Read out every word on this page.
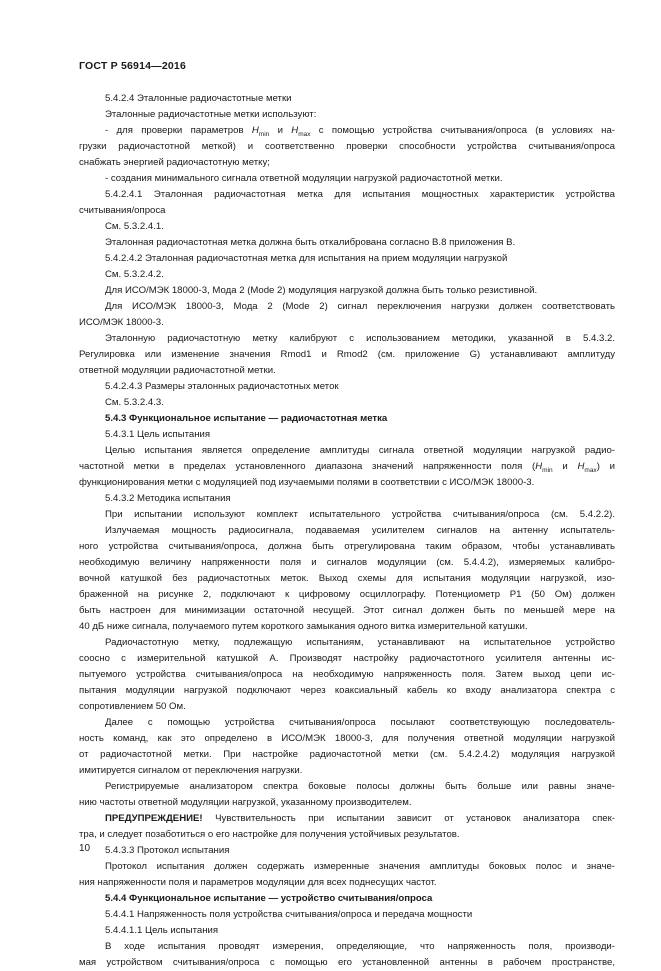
ГОСТ Р 56914—2016

5.4.2.4 Эталонные радиочастотные метки

Эталонные радиочастотные метки используют:

- для проверки параметров $H_{min}$ и $H_{max}$ с помощью устройства считывания/опроса (в условиях на-

грузки радиочастотной меткой) и соответственно проверки способности устройства считывания/опроса

снабжать энергией радиочастотную метку;

- создания минимального сигнала ответной модуляции нагрузкой радиочастотной метки.

5.4.2.4.1 Эталонная радиочастотная метка для испытания мощностных характеристик устройства

считывания/опроса

См. 5.3.2.4.1.

Эталонная радиочастотная метка должна быть откалибрована согласно В.8 приложения В.

5.4.2.4.2 Эталонная радиочастотная метка для испытания на прием модуляции нагрузкой

См. 5.3.2.4.2.

Для ИСО/МЭК 18000-3, Мода 2 (Mode 2) модуляция нагрузкой должна быть только резистивной.

Для ИСО/МЭК 18000-3, Мода 2 (Mode 2) сигнал переключения нагрузки должен соответствовать

ИСО/МЭК 18000-3.

Эталонную радиочастотную метку калибруют с использованием методики, указанной в 5.4.3.2.

Регулировка или изменение значения Rmod1 и Rmod2 (см. приложение G) устанавливают амплитуду

ответной модуляции радиочастотной метки.

5.4.2.4.3 Размеры эталонных радиочастотных меток

См. 5.3.2.4.3.

5.4.3 Функциональное испытание — радиочастотная метка

5.4.3.1 Цель испытания

Целью испытания является определение амплитуды сигнала ответной модуляции нагрузкой радио-

частотной метки в пределах установленного диапазона значений напряженности поля ($H_{min}$ и $H_{max}$) и

функционирования метки с модуляцией под изучаемыми полями в соответствии с ИСО/МЭК 18000-3.

5.4.3.2 Методика испытания

При испытании используют комплект испытательного устройства считывания/опроса (см. 5.4.2.2).

Излучаемая мощность радиосигнала, подаваемая усилителем сигналов на антенну испытатель-

ного устройства считывания/опроса, должна быть отрегулирована таким образом, чтобы устанавливать

необходимую величину напряженности поля и сигналов модуляции (см. 5.4.4.2), измеряемых калибро-

вочной катушкой без радиочастотных меток. Выход схемы для испытания модуляции нагрузкой, изо-

браженной на рисунке 2, подключают к цифровому осциллографу. Потенциометр P1 (50 Ом) должен

быть настроен для минимизации остаточной несущей. Этот сигнал должен быть по меньшей мере на

40 дБ ниже сигнала, получаемого путем короткого замыкания одного витка измерительной катушки.

Радиочастотную метку, подлежащую испытаниям, устанавливают на испытательное устройство

соосно с измерительной катушкой А. Производят настройку радиочастотного усилителя антенны ис-

пытуемого устройства считывания/опроса на необходимую напряженность поля. Затем выход цепи ис-

пытания модуляции нагрузкой подключают через коаксиальный кабель ко входу анализатора спектра с

сопротивлением 50 Ом.

Далее с помощью устройства считывания/опроса посылают соответствующую последователь-

ность команд, как это определено в ИСО/МЭК 18000-3, для получения ответной модуляции нагрузкой

от радиочастотной метки. При настройке радиочастотной метки (см. 5.4.2.4.2) модуляция нагрузкой

имитируется сигналом от переключения нагрузки.

Регистрируемые анализатором спектра боковые полосы должны быть больше или равны значе-

нию частоты ответной модуляции нагрузкой, указанному производителем.

ПРЕДУПРЕЖДЕНИЕ! Чувствительность при испытании зависит от установок анализатора спек-

тра, и следует позаботиться о его настройке для получения устойчивых результатов.

5.4.3.3 Протокол испытания

Протокол испытания должен содержать измеренные значения амплитуды боковых полос и значе-

ния напряженности поля и параметров модуляции для всех поднесущих частот.

5.4.4 Функциональное испытание — устройство считывания/опроса

5.4.4.1 Напряженность поля устройства считывания/опроса и передача мощности

5.4.4.1.1 Цель испытания

В ходе испытания проводят измерения, определяющие, что напряженность поля, производи-

мая устройством считывания/опроса с помощью его установленной антенны в рабочем пространстве,

10
